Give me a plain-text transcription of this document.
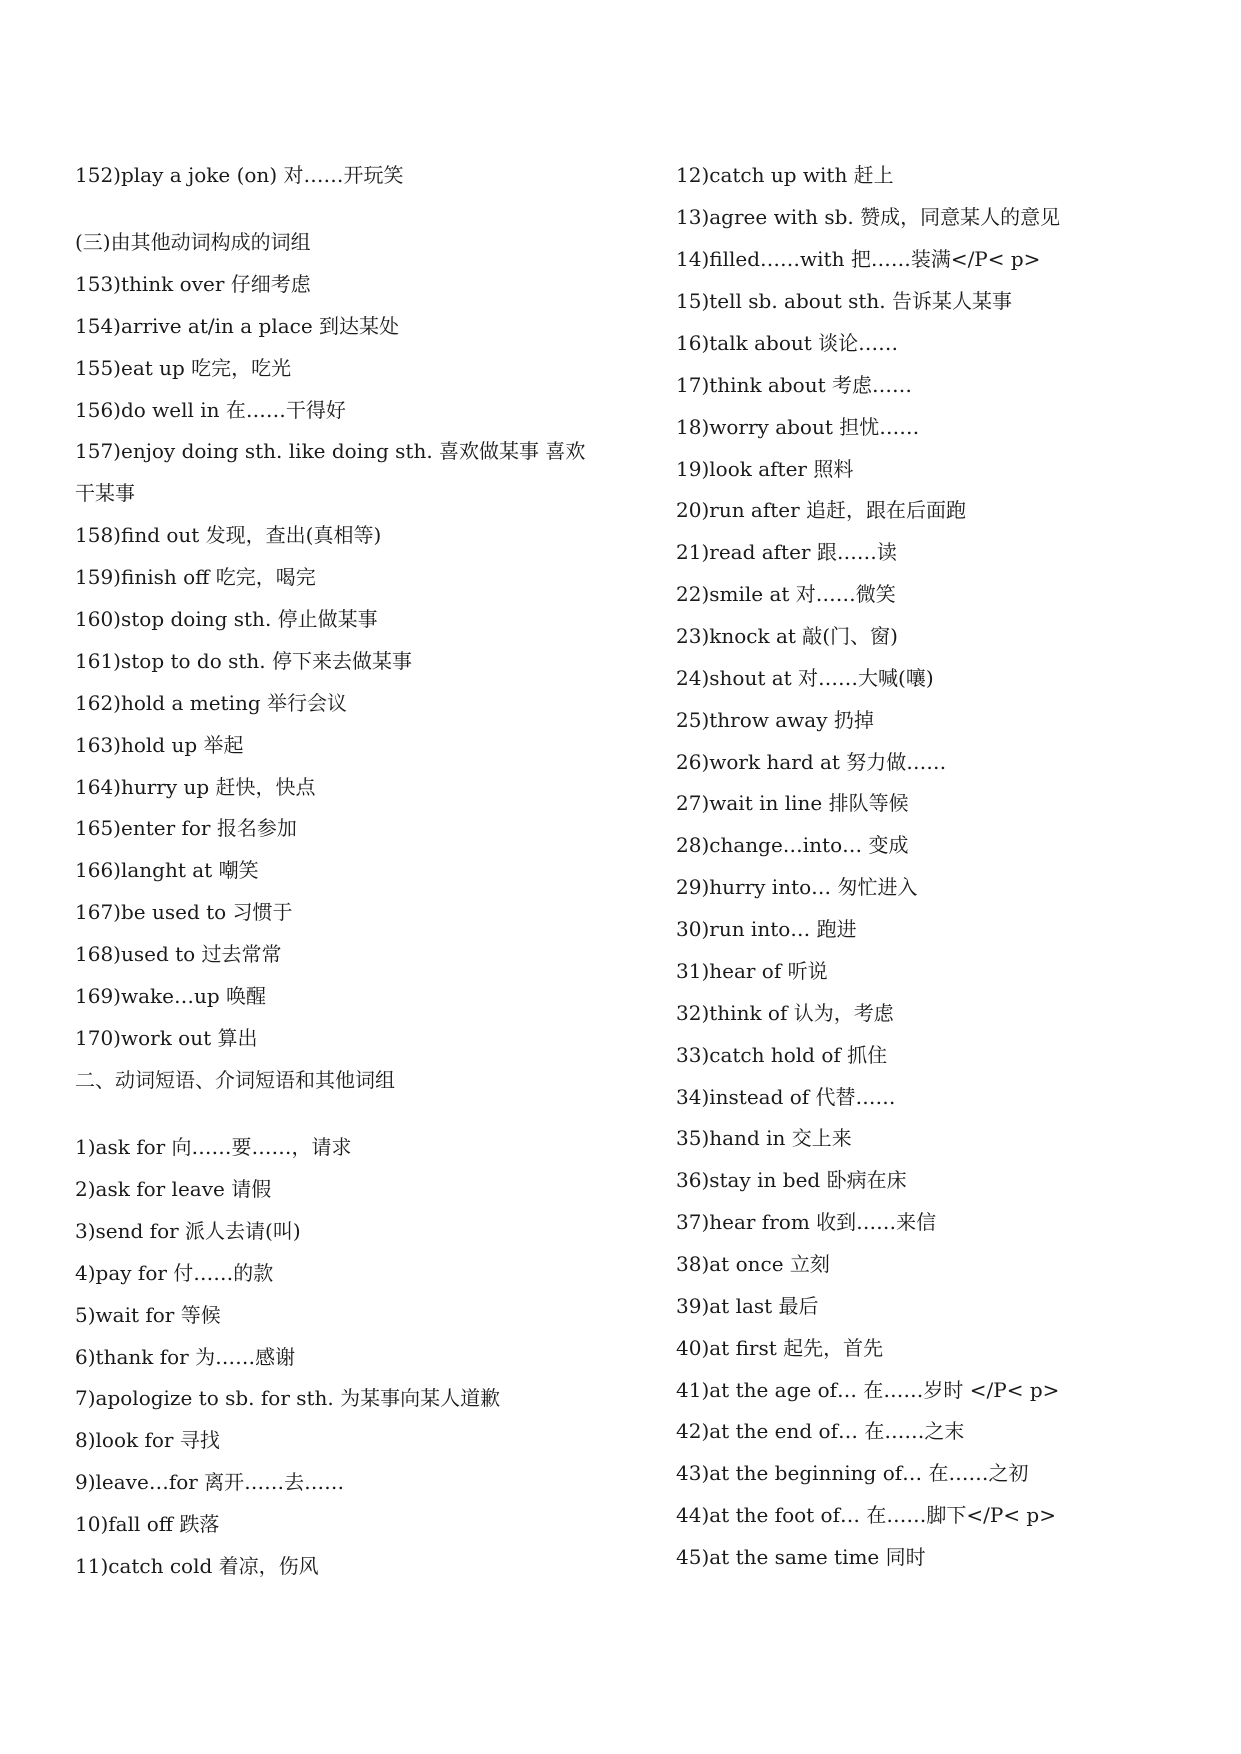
152)play a joke (on) 对……开玩笑
(三)由其他动词构成的词组
153)think over 仔细考虑
154)arrive at/in a place 到达某处
155)eat up 吃完，吃光
156)do well in 在……干得好
157)enjoy doing sth. like doing sth. 喜欢做某事 喜欢
干某事
158)find out 发现，查出(真相等)
159)finish off 吃完，喝完
160)stop doing sth. 停止做某事
161)stop to do sth. 停下来去做某事
162)hold a meting 举行会议
163)hold up 举起
164)hurry up 赶快，快点
165)enter for 报名参加
166)langht at 嘲笑
167)be used to 习惯于
168)used to 过去常常
169)wake…up 唤醒
170)work out 算出
二、动词短语、介词短语和其他词组
1)ask for 向……要……，请求
2)ask for leave 请假
3)send for 派人去请(叫)
4)pay for 付……的款
5)wait for 等候
6)thank for 为……感谢
7)apologize to sb. for sth. 为某事向某人道歉
8)look for 寻找
9)leave…for 离开……去……
10)fall off 跌落
11)catch cold 着凉，伤风
12)catch up with 赶上
13)agree with sb. 赞成，同意某人的意见
14)filled……with 把……装满</P< p>
15)tell sb. about sth. 告诉某人某事
16)talk about 谈论……
17)think about 考虑……
18)worry about 担忧……
19)look after 照料
20)run after 追赶，跟在后面跑
21)read after 跟……读
22)smile at 对……微笑
23)knock at 敲(门、窗)
24)shout at 对……大喊(嚷)
25)throw away 扔掉
26)work hard at 努力做……
27)wait in line 排队等候
28)change…into… 变成
29)hurry into… 匆忙进入
30)run into… 跑进
31)hear of 听说
32)think of 认为，考虑
33)catch hold of 抓住
34)instead of 代替……
35)hand in 交上来
36)stay in bed 卧病在床
37)hear from 收到……来信
38)at once 立刻
39)at last 最后
40)at first 起先，首先
41)at the age of… 在……岁时 </P< p>
42)at the end of… 在……之末
43)at the beginning of… 在……之初
44)at the foot of… 在……脚下</P< p>
45)at the same time 同时
